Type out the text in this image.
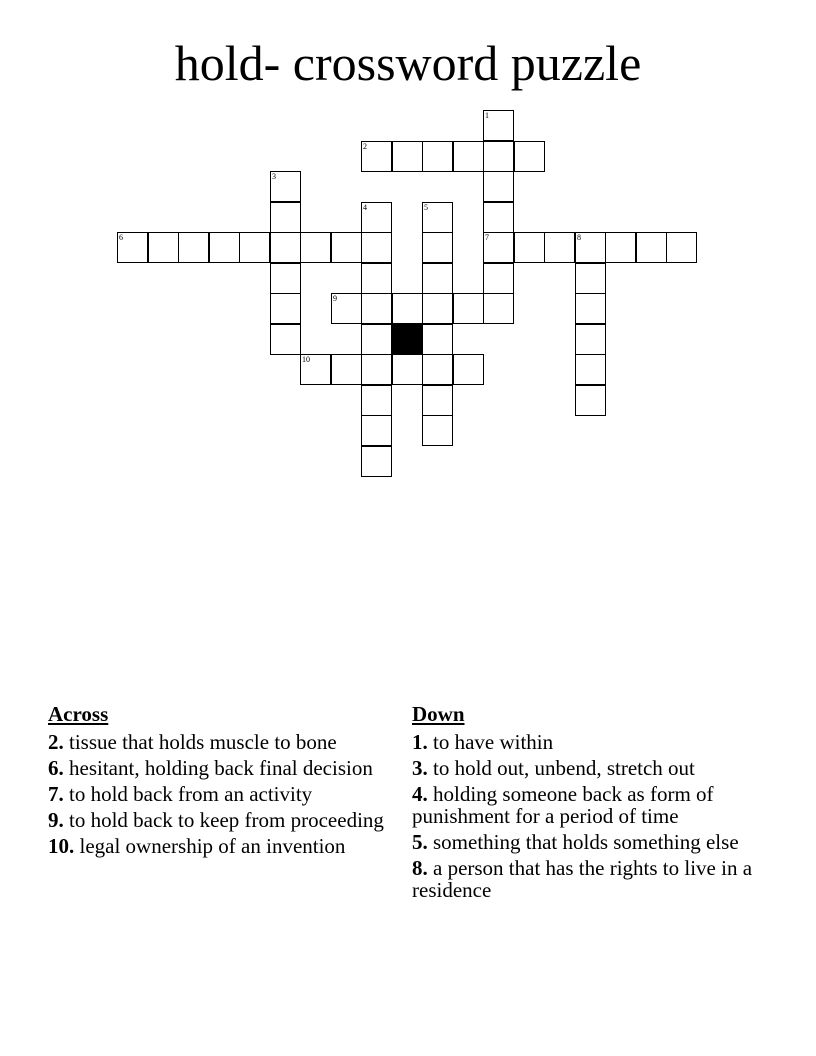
hold- crossword puzzle
1
2
3
4	5
6	7	8
9
10
Across
2. tissue that holds muscle to bone
6. hesitant, holding back final decision
7. to hold back from an activity
9. to hold back to keep from proceeding
10. legal ownership of an invention
Down
1. to have within
3. to hold out, unbend, stretch out
4. holding someone back as form of punishment for a period of time
5. something that holds something else
8. a person that has the rights to live in a residence
